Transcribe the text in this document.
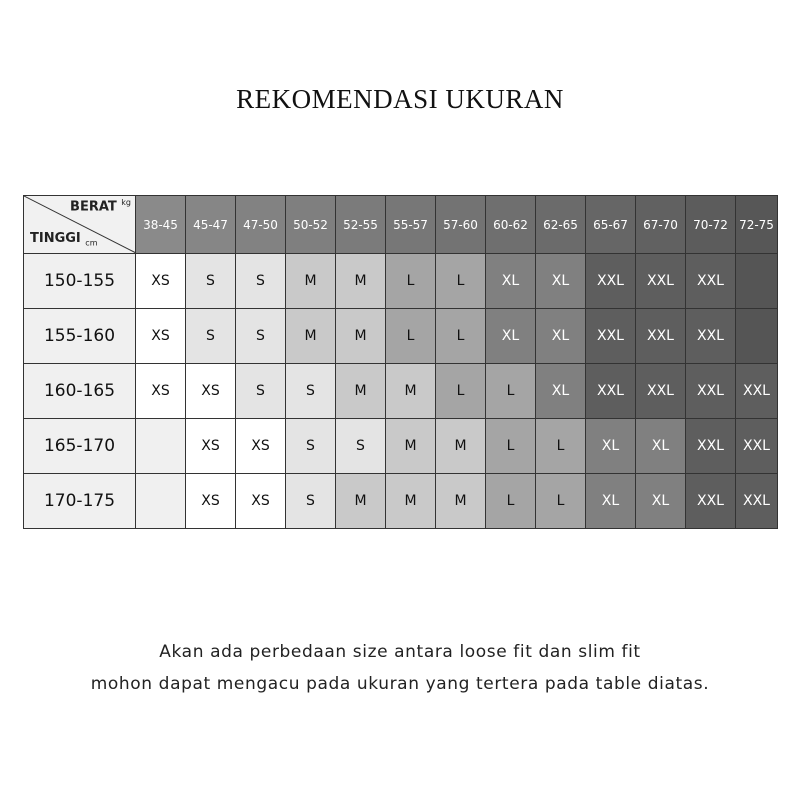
REKOMENDASI UKURAN
BERAT $^{kg}$
TINGGI $_{cm}$	38-45	45-47	47-50	50-52	52-55	55-57	57-60	60-62	62-65	65-67	67-70	70-72	72-75
150-155	XS	S	S	M	M	L	L	XL	XL	XXL	XXL	XXL	
155-160	XS	S	S	M	M	L	L	XL	XL	XXL	XXL	XXL	
160-165	XS	XS	S	S	M	M	L	L	XL	XXL	XXL	XXL	XXL
165-170		XS	XS	S	S	M	M	L	L	XL	XL	XXL	XXL
170-175		XS	XS	S	M	M	M	L	L	XL	XL	XXL	XXL
Akan ada perbedaan size antara loose fit dan slim fit
mohon dapat mengacu pada ukuran yang tertera pada table diatas.
